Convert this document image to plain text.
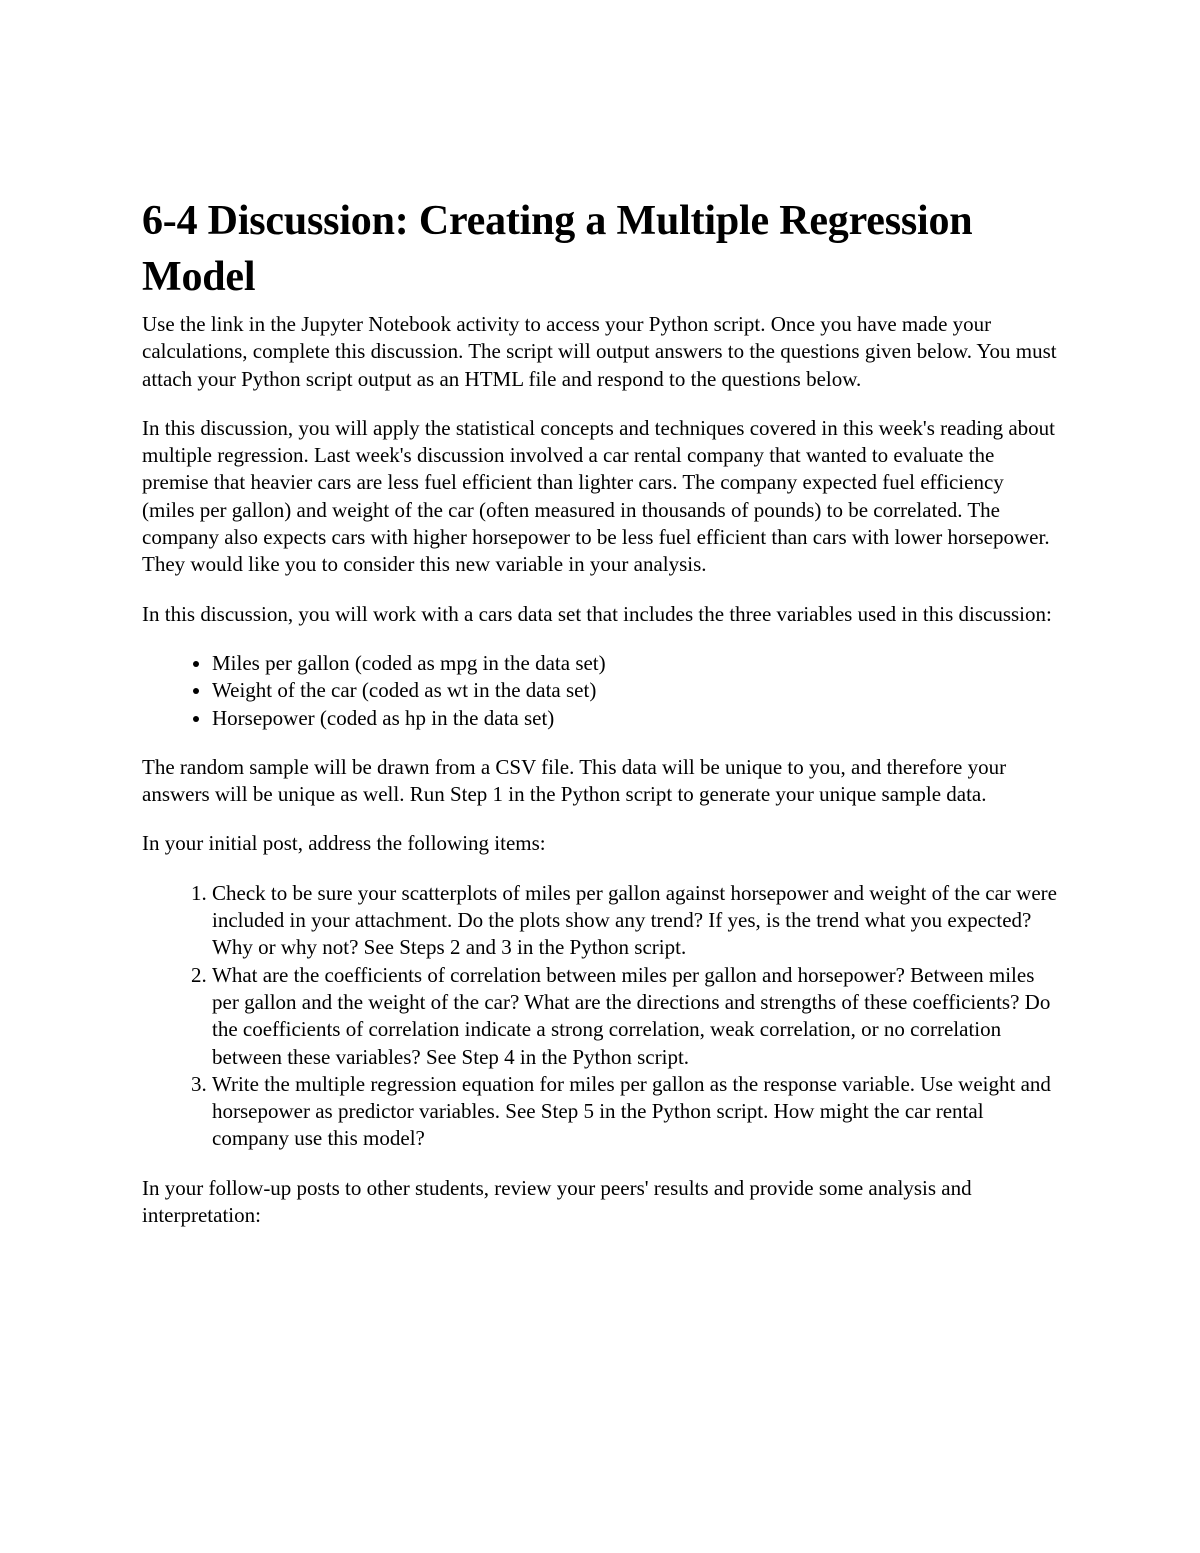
6-4 Discussion: Creating a Multiple Regression Model

Use the link in the Jupyter Notebook activity to access your Python script. Once you have made your calculations, complete this discussion. The script will output answers to the questions given below. You must attach your Python script output as an HTML file and respond to the questions below.

In this discussion, you will apply the statistical concepts and techniques covered in this week's reading about multiple regression. Last week's discussion involved a car rental company that wanted to evaluate the premise that heavier cars are less fuel efficient than lighter cars. The company expected fuel efficiency (miles per gallon) and weight of the car (often measured in thousands of pounds) to be correlated. The company also expects cars with higher horsepower to be less fuel efficient than cars with lower horsepower. They would like you to consider this new variable in your analysis.

In this discussion, you will work with a cars data set that includes the three variables used in this discussion:

• Miles per gallon (coded as mpg in the data set)
• Weight of the car (coded as wt in the data set)
• Horsepower (coded as hp in the data set)

The random sample will be drawn from a CSV file. This data will be unique to you, and therefore your answers will be unique as well. Run Step 1 in the Python script to generate your unique sample data.

In your initial post, address the following items:

1. Check to be sure your scatterplots of miles per gallon against horsepower and weight of the car were included in your attachment. Do the plots show any trend? If yes, is the trend what you expected? Why or why not? See Steps 2 and 3 in the Python script.
2. What are the coefficients of correlation between miles per gallon and horsepower? Between miles per gallon and the weight of the car? What are the directions and strengths of these coefficients? Do the coefficients of correlation indicate a strong correlation, weak correlation, or no correlation between these variables? See Step 4 in the Python script.
3. Write the multiple regression equation for miles per gallon as the response variable. Use weight and horsepower as predictor variables. See Step 5 in the Python script. How might the car rental company use this model?

In your follow-up posts to other students, review your peers' results and provide some analysis and interpretation:
